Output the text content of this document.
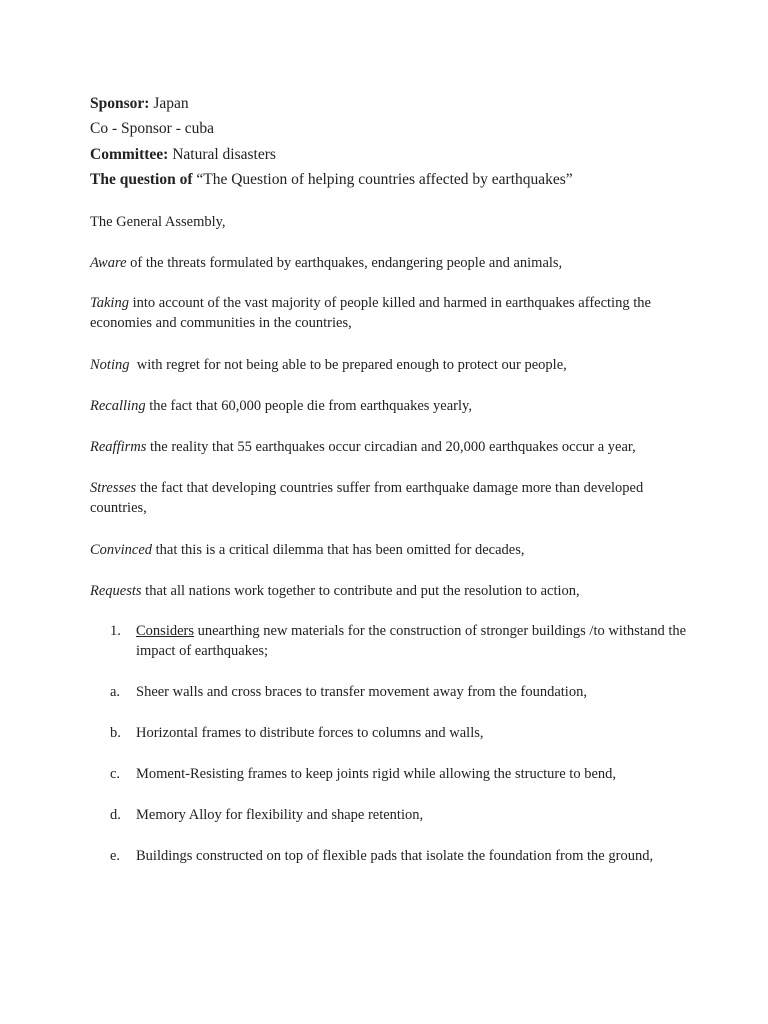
Sponsor: Japan
Co - Sponsor - cuba
Committee: Natural disasters
The question of “The Question of helping countries affected by earthquakes”
The General Assembly,
Aware of the threats formulated by earthquakes, endangering people and animals,
Taking into account of the vast majority of people killed and harmed in earthquakes affecting the economies and communities in the countries,
Noting  with regret for not being able to be prepared enough to protect our people,
Recalling the fact that 60,000 people die from earthquakes yearly,
Reaffirms the reality that 55 earthquakes occur circadian and 20,000 earthquakes occur a year,
Stresses the fact that developing countries suffer from earthquake damage more than developed countries,
Convinced that this is a critical dilemma that has been omitted for decades,
Requests that all nations work together to contribute and put the resolution to action,
1.	Considers unearthing new materials for the construction of stronger buildings /to withstand the impact of earthquakes;
a.	Sheer walls and cross braces to transfer movement away from the foundation,
b.	Horizontal frames to distribute forces to columns and walls,
c.	Moment-Resisting frames to keep joints rigid while allowing the structure to bend,
d.	Memory Alloy for flexibility and shape retention,
e.	Buildings constructed on top of flexible pads that isolate the foundation from the ground,
